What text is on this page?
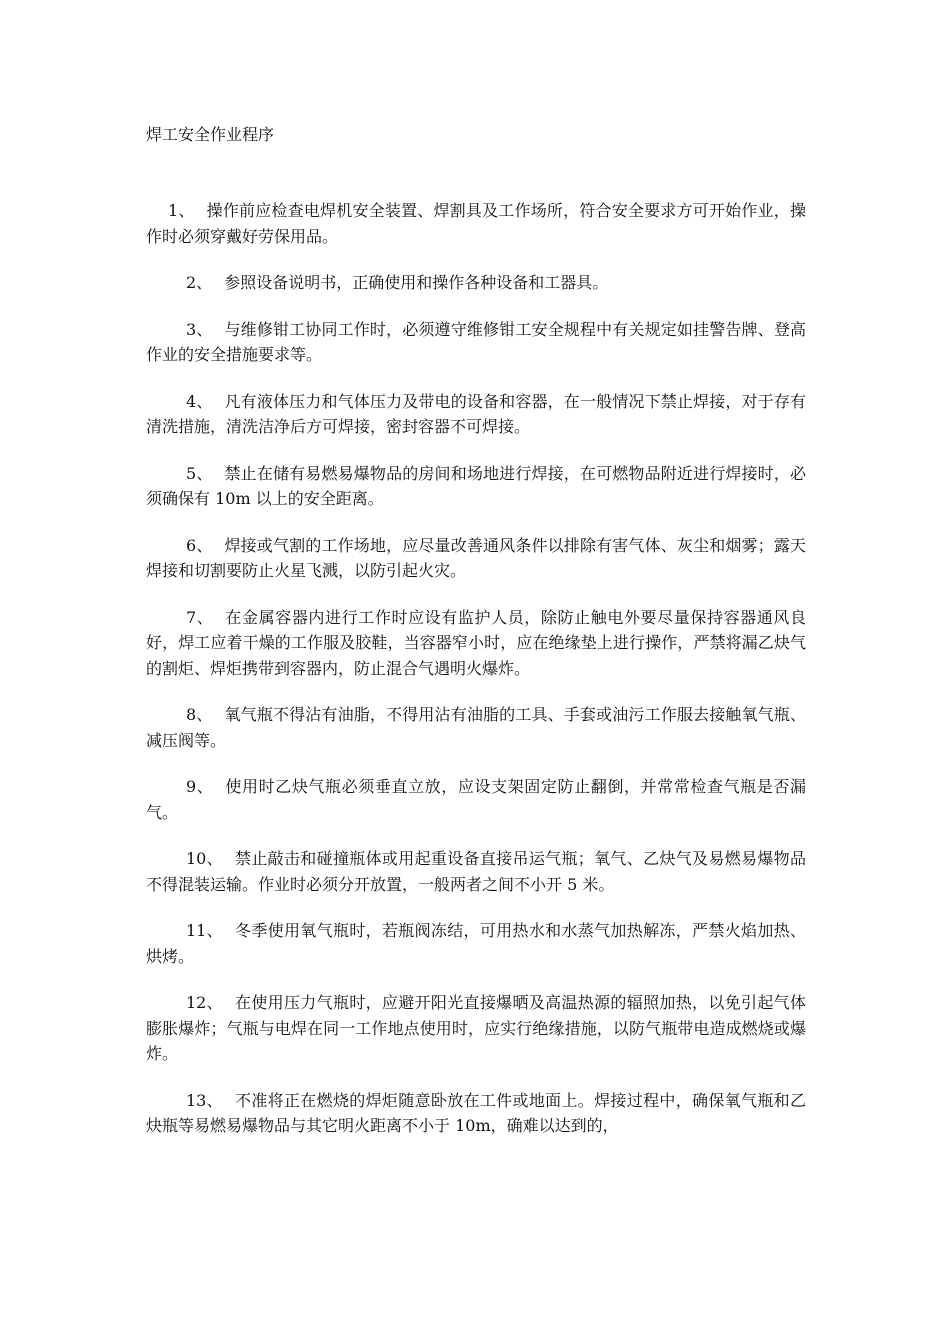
焊工安全作业程序
1、 操作前应检查电焊机安全装置、焊割具及工作场所，符合安全要求方可开始作业，操作时必须穿戴好劳保用品。
2、 参照设备说明书，正确使用和操作各种设备和工器具。
3、 与维修钳工协同工作时，必须遵守维修钳工安全规程中有关规定如挂警告牌、登高作业的安全措施要求等。
4、 凡有液体压力和气体压力及带电的设备和容器，在一般情况下禁止焊接，对于存有清洗措施，清洗洁净后方可焊接，密封容器不可焊接。
5、 禁止在储有易燃易爆物品的房间和场地进行焊接，在可燃物品附近进行焊接时，必须确保有 10m 以上的安全距离。
6、 焊接或气割的工作场地，应尽量改善通风条件以排除有害气体、灰尘和烟雾；露天焊接和切割要防止火星飞溅，以防引起火灾。
7、 在金属容器内进行工作时应设有监护人员，除防止触电外要尽量保持容器通风良好，焊工应着干燥的工作服及胶鞋，当容器窄小时，应在绝缘垫上进行操作，严禁将漏乙炔气的割炬、焊炬携带到容器内，防止混合气遇明火爆炸。
8、 氧气瓶不得沾有油脂，不得用沾有油脂的工具、手套或油污工作服去接触氧气瓶、减压阀等。
9、 使用时乙炔气瓶必须垂直立放，应设支架固定防止翻倒，并常常检查气瓶是否漏气。
10、 禁止敲击和碰撞瓶体或用起重设备直接吊运气瓶；氧气、乙炔气及易燃易爆物品不得混装运输。作业时必须分开放置，一般两者之间不小开 5 米。
11、 冬季使用氧气瓶时，若瓶阀冻结，可用热水和水蒸气加热解冻，严禁火焰加热、烘烤。
12、 在使用压力气瓶时，应避开阳光直接爆晒及高温热源的辐照加热，以免引起气体膨胀爆炸；气瓶与电焊在同一工作地点使用时，应实行绝缘措施，以防气瓶带电造成燃烧或爆炸。
13、 不准将正在燃烧的焊炬随意卧放在工件或地面上。焊接过程中，确保氧气瓶和乙炔瓶等易燃易爆物品与其它明火距离不小于 10m，确难以达到的，
